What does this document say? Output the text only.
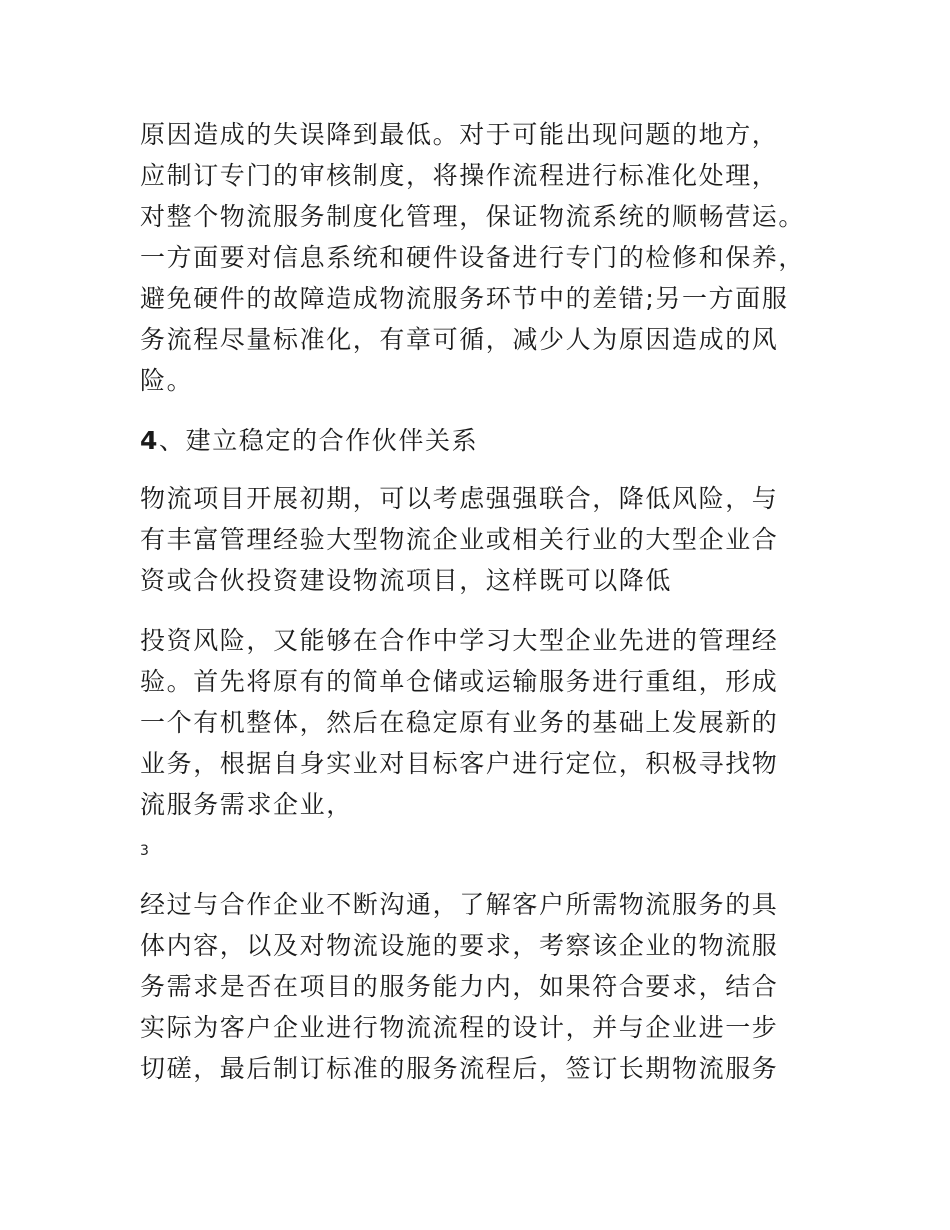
原因造成的失误降到最低。对于可能出现问题的地方，
应制订专门的审核制度，将操作流程进行标准化处理，
对整个物流服务制度化管理，保证物流系统的顺畅营运。
一方面要对信息系统和硬件设备进行专门的检修和保养，
避免硬件的故障造成物流服务环节中的差错;另一方面服
务流程尽量标准化，有章可循，减少人为原因造成的风
险。
4、建立稳定的合作伙伴关系
物流项目开展初期，可以考虑强强联合，降低风险，与
有丰富管理经验大型物流企业或相关行业的大型企业合
资或合伙投资建设物流项目，这样既可以降低
投资风险，又能够在合作中学习大型企业先进的管理经
验。首先将原有的简单仓储或运输服务进行重组，形成
一个有机整体，然后在稳定原有业务的基础上发展新的
业务，根据自身实业对目标客户进行定位，积极寻找物
流服务需求企业，
3
经过与合作企业不断沟通，了解客户所需物流服务的具
体内容，以及对物流设施的要求，考察该企业的物流服
务需求是否在项目的服务能力内，如果符合要求，结合
实际为客户企业进行物流流程的设计，并与企业进一步
切磋，最后制订标准的服务流程后，签订长期物流服务
